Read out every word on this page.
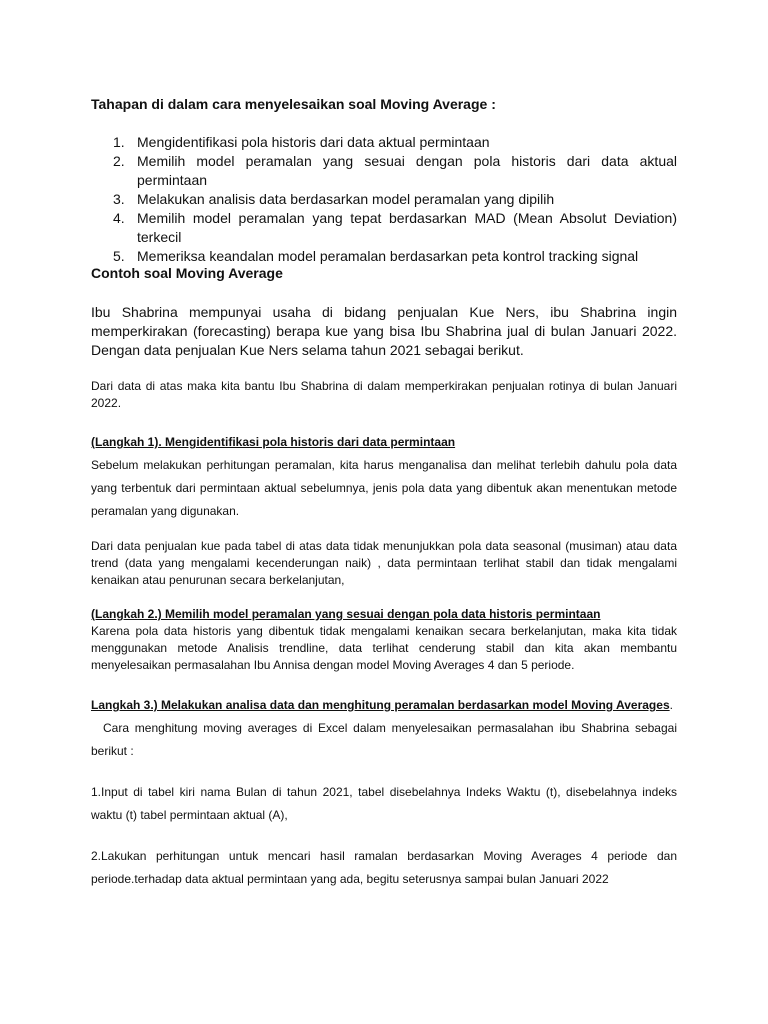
Tahapan di dalam cara menyelesaikan soal Moving Average :

1. Mengidentifikasi pola historis dari data aktual permintaan
2. Memilih model peramalan yang sesuai dengan pola historis dari data aktual permintaan
3. Melakukan analisis data berdasarkan model peramalan yang dipilih
4. Memilih model peramalan yang tepat berdasarkan MAD (Mean Absolut Deviation) terkecil
5. Memeriksa keandalan model peramalan berdasarkan peta kontrol tracking signal

Contoh soal Moving Average

Ibu Shabrina mempunyai usaha di bidang penjualan Kue Ners, ibu Shabrina ingin memperkirakan (forecasting) berapa kue yang bisa Ibu Shabrina jual di bulan Januari 2022. Dengan data penjualan Kue Ners selama tahun 2021 sebagai berikut.

Dari data di atas maka kita bantu Ibu Shabrina di dalam memperkirakan penjualan rotinya di bulan Januari 2022.

(Langkah 1). Mengidentifikasi pola historis dari data permintaan

Sebelum melakukan perhitungan peramalan, kita harus menganalisa dan melihat terlebih dahulu pola data yang terbentuk dari permintaan aktual sebelumnya, jenis pola data yang dibentuk akan menentukan metode peramalan yang digunakan.

Dari data penjualan kue pada tabel di atas data tidak menunjukkan pola data seasonal (musiman) atau data trend (data yang mengalami kecenderungan naik) , data permintaan terlihat stabil dan tidak mengalami kenaikan atau penurunan secara berkelanjutan,

(Langkah 2.) Memilih model peramalan yang sesuai dengan pola data historis permintaan

Karena pola data historis yang dibentuk tidak mengalami kenaikan secara berkelanjutan, maka kita tidak menggunakan metode Analisis trendline, data terlihat cenderung stabil dan kita akan membantu menyelesaikan permasalahan Ibu Annisa dengan model Moving Averages 4 dan 5 periode.

Langkah 3.) Melakukan analisa data dan menghitung peramalan berdasarkan model Moving Averages.

Cara menghitung moving averages di Excel dalam menyelesaikan permasalahan ibu Shabrina sebagai berikut :

1.Input di tabel kiri nama Bulan di tahun 2021, tabel disebelahnya Indeks Waktu (t), disebelahnya indeks waktu (t) tabel permintaan aktual (A),

2.Lakukan perhitungan untuk mencari hasil ramalan berdasarkan Moving Averages 4 periode dan periode.terhadap data aktual permintaan yang ada, begitu seterusnya sampai bulan Januari 2022
